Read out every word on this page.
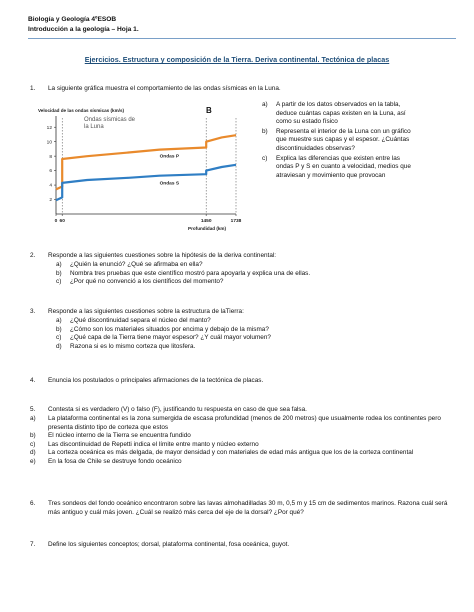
Biología y Geología 4ºESOB
Introducción a la geología – Hoja 1.
Ejercicios. Estructura y composición de la Tierra. Deriva continental. Tectónica de placas
1. La siguiente gráfica muestra el comportamiento de las ondas sísmicas en la Luna.
Velocidad de las ondas sísmicas (km/s)	B
Ondas sísmicas de
la Luna
12
10
8
6
4
2
0 60	1450	1738
Profundidad (km)
Ondas P
Ondas S
a)	A partir de los datos observados en la tabla, deduce cuántas capas existen en la Luna, así como su estado físico
b)	Representa el interior de la Luna con un gráfico que muestre sus capas y el espesor. ¿Cuántas discontinuidades observas?
c)	Explica las diferencias que existen entre las ondas P y S en cuanto a velocidad, medios que atraviesan y movimiento que provocan
2. Responde a las siguientes cuestiones sobre la hipótesis de la deriva continental:
a)	¿Quién la enunció? ¿Qué se afirmaba en ella?
b)	Nombra tres pruebas que este científico mostró para apoyarla y explica una de ellas.
c)	¿Por qué no convenció a los científicos del momento?
3. Responde a las siguientes cuestiones sobre la estructura de laTierra:
a)	¿Qué discontinuidad separa el núcleo del manto?
b)	¿Cómo son los materiales situados por encima y debajo de la misma?
c)	¿Qué capa de la Tierra tiene mayor espesor? ¿Y cuál mayor volumen?
d)	Razona si es lo mismo corteza que litosfera.
4. Enuncia los postulados o principales afirmaciones de la tectónica de placas.
5. Contesta si es verdadero (V) o falso (F), justificando tu respuesta en caso de que sea falsa.
a)	La plataforma continental es la zona sumergida de escasa profundidad (menos de 200 metros) que usualmente rodea los continentes pero presenta distinto tipo de corteza que estos
b)	El núcleo interno de la Tierra se encuentra fundido
c)	Las discontinuidad de Repetti indica el límite entre manto y núcleo externo
d)	La corteza oceánica es más delgada, de mayor densidad y con materiales de edad más antigua que los de la corteza continental
e)	En la fosa de Chile se destruye fondo oceánico
6. Tres sondeos del fondo oceánico encontraron sobre las lavas almohadilladas 30 m, 0,5 m y 15 cm de sedimentos marinos. Razona cuál será más antiguo y cuál más joven. ¿Cuál se realizó más cerca del eje de la dorsal? ¿Por qué?
7. Define los siguientes conceptos; dorsal, plataforma continental, fosa oceánica, guyot.
